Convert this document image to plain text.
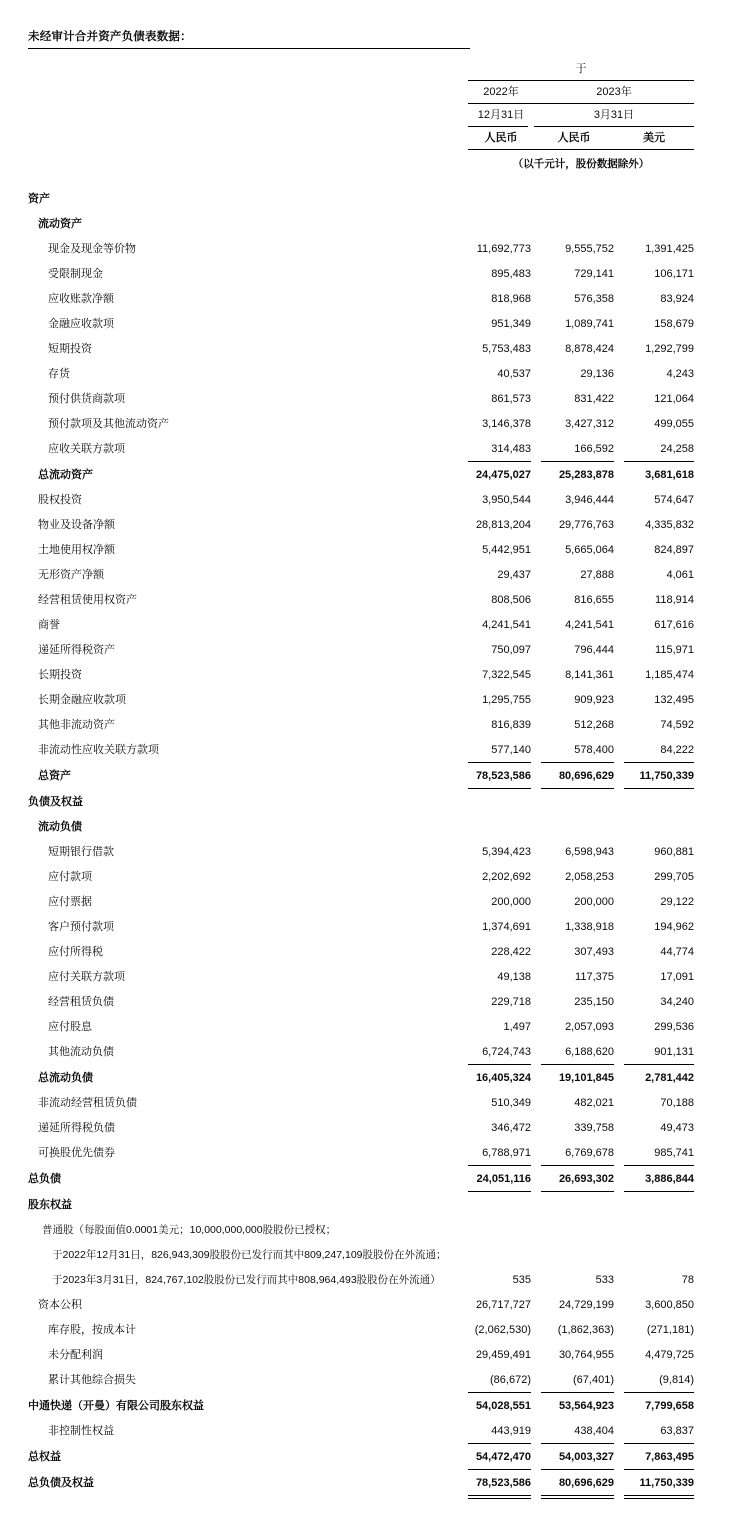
未经审计合并资产负债表数据：
于
2022年	2023年
12月31日	3月31日
人民币	人民币	美元
（以千元计，股份数据除外）
资产
流动资产
现金及现金等价物	11,692,773	9,555,752	1,391,425
受限制现金	895,483	729,141	106,171
应收账款净额	818,968	576,358	83,924
金融应收款项	951,349	1,089,741	158,679
短期投资	5,753,483	8,878,424	1,292,799
存货	40,537	29,136	4,243
预付供货商款项	861,573	831,422	121,064
预付款项及其他流动资产	3,146,378	3,427,312	499,055
应收关联方款项	314,483	166,592	24,258
总流动资产	24,475,027	25,283,878	3,681,618
股权投资	3,950,544	3,946,444	574,647
物业及设备净额	28,813,204	29,776,763	4,335,832
土地使用权净额	5,442,951	5,665,064	824,897
无形资产净额	29,437	27,888	4,061
经营租赁使用权资产	808,506	816,655	118,914
商誉	4,241,541	4,241,541	617,616
递延所得税资产	750,097	796,444	115,971
长期投资	7,322,545	8,141,361	1,185,474
长期金融应收款项	1,295,755	909,923	132,495
其他非流动资产	816,839	512,268	74,592
非流动性应收关联方款项	577,140	578,400	84,222
总资产	78,523,586	80,696,629	11,750,339
负债及权益
流动负债
短期银行借款	5,394,423	6,598,943	960,881
应付款项	2,202,692	2,058,253	299,705
应付票据	200,000	200,000	29,122
客户预付款项	1,374,691	1,338,918	194,962
应付所得税	228,422	307,493	44,774
应付关联方款项	49,138	117,375	17,091
经营租赁负债	229,718	235,150	34,240
应付股息	1,497	2,057,093	299,536
其他流动负债	6,724,743	6,188,620	901,131
总流动负债	16,405,324	19,101,845	2,781,442
非流动经营租赁负债	510,349	482,021	70,188
递延所得税负债	346,472	339,758	49,473
可换股优先债券	6,788,971	6,769,678	985,741
总负债	24,051,116	26,693,302	3,886,844
股东权益
普通股（每股面值0.0001美元；10,000,000,000股股份已授权；
于2022年12月31日，826,943,309股股份已发行而其中809,247,109股股份在外流通；
于2023年3月31日，824,767,102股股份已发行而其中808,964,493股股份在外流通）	535	533	78
资本公积	26,717,727	24,729,199	3,600,850
库存股，按成本计	(2,062,530)	(1,862,363)	(271,181)
未分配利润	29,459,491	30,764,955	4,479,725
累计其他综合损失	(86,672)	(67,401)	(9,814)
中通快递（开曼）有限公司股东权益	54,028,551	53,564,923	7,799,658
非控制性权益	443,919	438,404	63,837
总权益	54,472,470	54,003,327	7,863,495
总负债及权益	78,523,586	80,696,629	11,750,339
